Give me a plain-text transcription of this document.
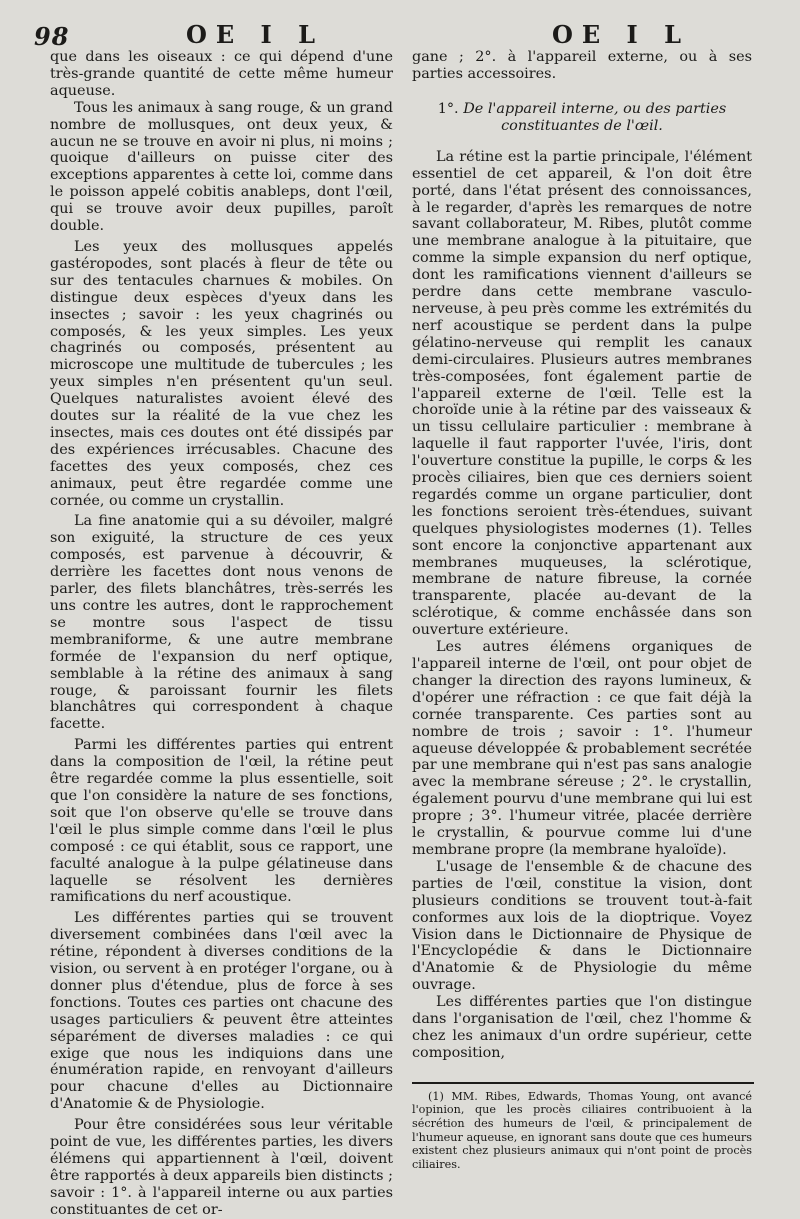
98	OE I L	OE I L

que dans les oiseaux : ce qui dépend d'une très-grande quantité de cette même humeur aqueuse.

Tous les animaux à sang rouge, & un grand nombre de mollusques, ont deux yeux, & aucun ne se trouve en avoir ni plus, ni moins ; quoique d'ailleurs on puisse citer des exceptions apparentes à cette loi, comme dans le poisson appelé cobitis anableps, dont l'œil, qui se trouve avoir deux pupilles, paroît double.

Les yeux des mollusques appelés gastéropodes, sont placés à fleur de tête ou sur des tentacules charnues & mobiles. On distingue deux espèces d'yeux dans les insectes ; savoir : les yeux chagrinés ou composés, & les yeux simples. Les yeux chagrinés ou composés, présentent au microscope une multitude de tubercules ; les yeux simples n'en présentent qu'un seul. Quelques naturalistes avoient élevé des doutes sur la réalité de la vue chez les insectes, mais ces doutes ont été dissipés par des expériences irrécusables. Chacune des facettes des yeux composés, chez ces animaux, peut être regardée comme une cornée, ou comme un crystallin.

La fine anatomie qui a su dévoiler, malgré son exiguité, la structure de ces yeux composés, est parvenue à découvrir, & derrière les facettes dont nous venons de parler, des filets blanchâtres, très-serrés les uns contre les autres, dont le rapprochement se montre sous l'aspect de tissu membraniforme, & une autre membrane formée de l'expansion du nerf optique, semblable à la rétine des animaux à sang rouge, & paroissant fournir les filets blanchâtres qui correspondent à chaque facette.

Parmi les différentes parties qui entrent dans la composition de l'œil, la rétine peut être regardée comme la plus essentielle, soit que l'on considère la nature de ses fonctions, soit que l'on observe qu'elle se trouve dans l'œil le plus simple comme dans l'œil le plus composé : ce qui établit, sous ce rapport, une faculté analogue à la pulpe gélatineuse dans laquelle se résolvent les dernières ramifications du nerf acoustique.

Les différentes parties qui se trouvent diversement combinées dans l'œil avec la rétine, répondent à diverses conditions de la vision, ou servent à en protéger l'organe, ou à donner plus d'étendue, plus de force à ses fonctions. Toutes ces parties ont chacune des usages particuliers & peuvent être atteintes séparément de diverses maladies : ce qui exige que nous les indiquions dans une énumération rapide, en renvoyant d'ailleurs pour chacune d'elles au Dictionnaire d'Anatomie & de Physiologie.

Pour être considérées sous leur véritable point de vue, les différentes parties, les divers élémens qui appartiennent à l'œil, doivent être rapportés à deux appareils bien distincts ; savoir : 1°. à l'appareil interne ou aux parties constituantes de cet or-

gane ; 2°. à l'appareil externe, ou à ses parties accessoires.

1°. De l'appareil interne, ou des parties constituantes de l'œil.

La rétine est la partie principale, l'élément essentiel de cet appareil, & l'on doit être porté, dans l'état présent des connoissances, à le regarder, d'après les remarques de notre savant collaborateur, M. Ribes, plutôt comme une membrane analogue à la pituitaire, que comme la simple expansion du nerf optique, dont les ramifications viennent d'ailleurs se perdre dans cette membrane vasculo-nerveuse, à peu près comme les extrémités du nerf acoustique se perdent dans la pulpe gélatino-nerveuse qui remplit les canaux demi-circulaires. Plusieurs autres membranes très-composées, font également partie de l'appareil externe de l'œil. Telle est la choroïde unie à la rétine par des vaisseaux & un tissu cellulaire particulier : membrane à laquelle il faut rapporter l'uvée, l'iris, dont l'ouverture constitue la pupille, le corps & les procès ciliaires, bien que ces derniers soient regardés comme un organe particulier, dont les fonctions seroient très-étendues, suivant quelques physiologistes modernes (1). Telles sont encore la conjonctive appartenant aux membranes muqueuses, la sclérotique, membrane de nature fibreuse, la cornée transparente, placée au-devant de la sclérotique, & comme enchâssée dans son ouverture extérieure.

Les autres élémens organiques de l'appareil interne de l'œil, ont pour objet de changer la direction des rayons lumineux, & d'opérer une réfraction : ce que fait déjà la cornée transparente. Ces parties sont au nombre de trois ; savoir : 1°. l'humeur aqueuse développée & probablement secrétée par une membrane qui n'est pas sans analogie avec la membrane séreuse ; 2°. le crystallin, également pourvu d'une membrane qui lui est propre ; 3°. l'humeur vitrée, placée derrière le crystallin, & pourvue comme lui d'une membrane propre (la membrane hyaloïde).

L'usage de l'ensemble & de chacune des parties de l'œil, constitue la vision, dont plusieurs conditions se trouvent tout-à-fait conformes aux lois de la dioptrique. Voyez Vision dans le Dictionnaire de Physique de l'Encyclopédie & dans le Dictionnaire d'Anatomie & de Physiologie du même ouvrage.

Les différentes parties que l'on distingue dans l'organisation de l'œil, chez l'homme & chez les animaux d'un ordre supérieur, cette composition,

(1) MM. Ribes, Edwards, Thomas Young, ont avancé l'opinion, que les procès ciliaires contribuoient à la sécrétion des humeurs de l'œil, & principalement de l'humeur aqueuse, en ignorant sans doute que ces humeurs existent chez plusieurs animaux qui n'ont point de procès ciliaires.
